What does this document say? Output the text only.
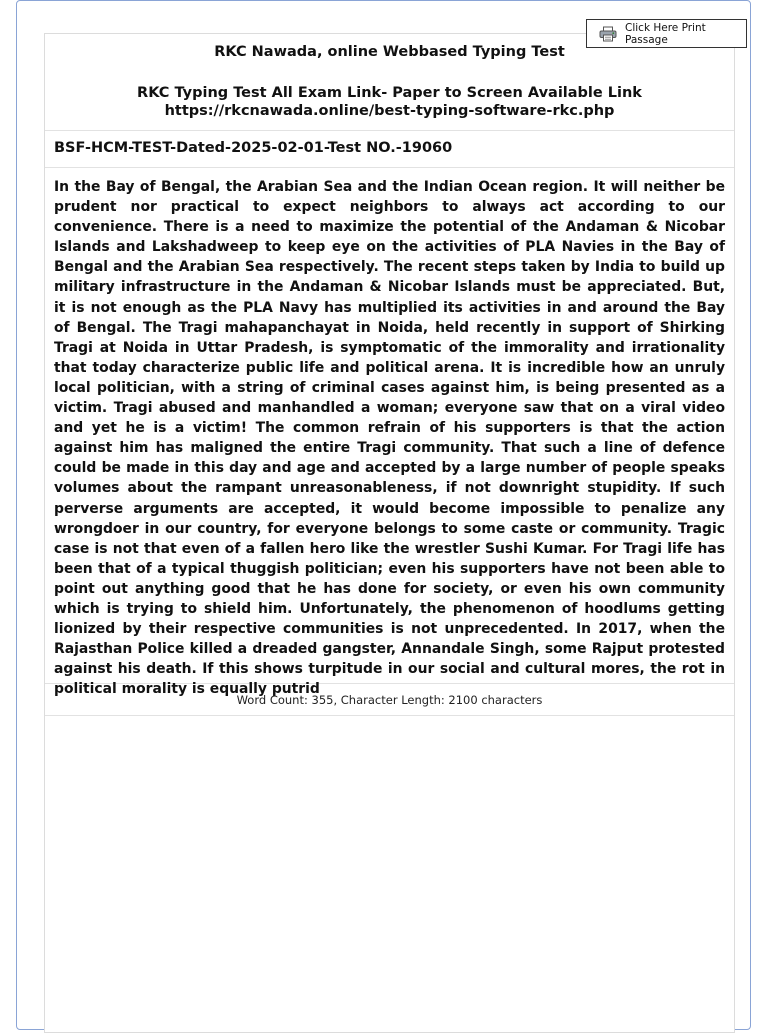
Click Here Print Passage
RKC Nawada, online Webbased Typing Test
RKC Typing Test All Exam Link- Paper to Screen Available Link
https://rkcnawada.online/best-typing-software-rkc.php
BSF-HCM-TEST-Dated-2025-02-01-Test NO.-19060
In the Bay of Bengal, the Arabian Sea and the Indian Ocean region. It will neither be prudent nor practical to expect neighbors to always act according to our convenience. There is a need to maximize the potential of the Andaman & Nicobar Islands and Lakshadweep to keep eye on the activities of PLA Navies in the Bay of Bengal and the Arabian Sea respectively. The recent steps taken by India to build up military infrastructure in the Andaman & Nicobar Islands must be appreciated. But, it is not enough as the PLA Navy has multiplied its activities in and around the Bay of Bengal. The Tragi mahapanchayat in Noida, held recently in support of Shirking Tragi at Noida in Uttar Pradesh, is symptomatic of the immorality and irrationality that today characterize public life and political arena. It is incredible how an unruly local politician, with a string of criminal cases against him, is being presented as a victim. Tragi abused and manhandled a woman; everyone saw that on a viral video and yet he is a victim! The common refrain of his supporters is that the action against him has maligned the entire Tragi community. That such a line of defence could be made in this day and age and accepted by a large number of people speaks volumes about the rampant unreasonableness, if not downright stupidity. If such perverse arguments are accepted, it would become impossible to penalize any wrongdoer in our country, for everyone belongs to some caste or community. Tragic case is not that even of a fallen hero like the wrestler Sushi Kumar. For Tragi life has been that of a typical thuggish politician; even his supporters have not been able to point out anything good that he has done for society, or even his own community which is trying to shield him. Unfortunately, the phenomenon of hoodlums getting lionized by their respective communities is not unprecedented. In 2017, when the Rajasthan Police killed a dreaded gangster, Annandale Singh, some Rajput protested against his death. If this shows turpitude in our social and cultural mores, the rot in political morality is equally putrid
Word Count: 355, Character Length: 2100 characters
